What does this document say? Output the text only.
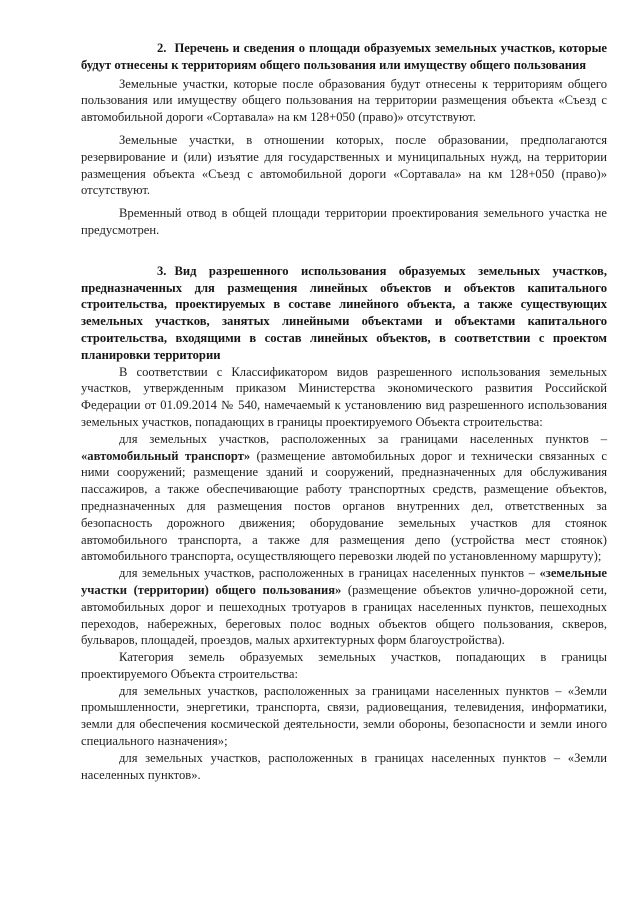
2. Перечень и сведения о площади образуемых земельных участков, которые будут отнесены к территориям общего пользования или имуществу общего пользования

Земельные участки, которые после образования будут отнесены к территориям общего пользования или имуществу общего пользования на территории размещения объекта «Съезд с автомобильной дороги «Сортавала» на км 128+050 (право)» отсутствуют.

Земельные участки, в отношении которых, после образовании, предполагаются резервирование и (или) изъятие для государственных и муниципальных нужд, на территории размещения объекта «Съезд с автомобильной дороги «Сортавала» на км 128+050 (право)» отсутствуют.

Временный отвод в общей площади территории проектирования земельного участка не предусмотрен.

3. Вид разрешенного использования образуемых земельных участков, предназначенных для размещения линейных объектов и объектов капитального строительства, проектируемых в составе линейного объекта, а также существующих земельных участков, занятых линейными объектами и объектами капитального строительства, входящими в состав линейных объектов, в соответствии с проектом планировки территории

В соответствии с Классификатором видов разрешенного использования земельных участков, утвержденным приказом Министерства экономического развития Российской Федерации от 01.09.2014 № 540, намечаемый к установлению вид разрешенного использования земельных участков, попадающих в границы проектируемого Объекта строительства:

для земельных участков, расположенных за границами населенных пунктов – «автомобильный транспорт» (размещение автомобильных дорог и технически связанных с ними сооружений; размещение зданий и сооружений, предназначенных для обслуживания пассажиров, а также обеспечивающие работу транспортных средств, размещение объектов, предназначенных для размещения постов органов внутренних дел, ответственных за безопасность дорожного движения; оборудование земельных участков для стоянок автомобильного транспорта, а также для размещения депо (устройства мест стоянок) автомобильного транспорта, осуществляющего перевозки людей по установленному маршруту);

для земельных участков, расположенных в границах населенных пунктов – «земельные участки (территории) общего пользования» (размещение объектов улично-дорожной сети, автомобильных дорог и пешеходных тротуаров в границах населенных пунктов, пешеходных переходов, набережных, береговых полос водных объектов общего пользования, скверов, бульваров, площадей, проездов, малых архитектурных форм благоустройства).

Категория земель образуемых земельных участков, попадающих в границы проектируемого Объекта строительства:

для земельных участков, расположенных за границами населенных пунктов – «Земли промышленности, энергетики, транспорта, связи, радиовещания, телевидения, информатики, земли для обеспечения космической деятельности, земли обороны, безопасности и земли иного специального назначения»;

для земельных участков, расположенных в границах населенных пунктов – «Земли населенных пунктов».
